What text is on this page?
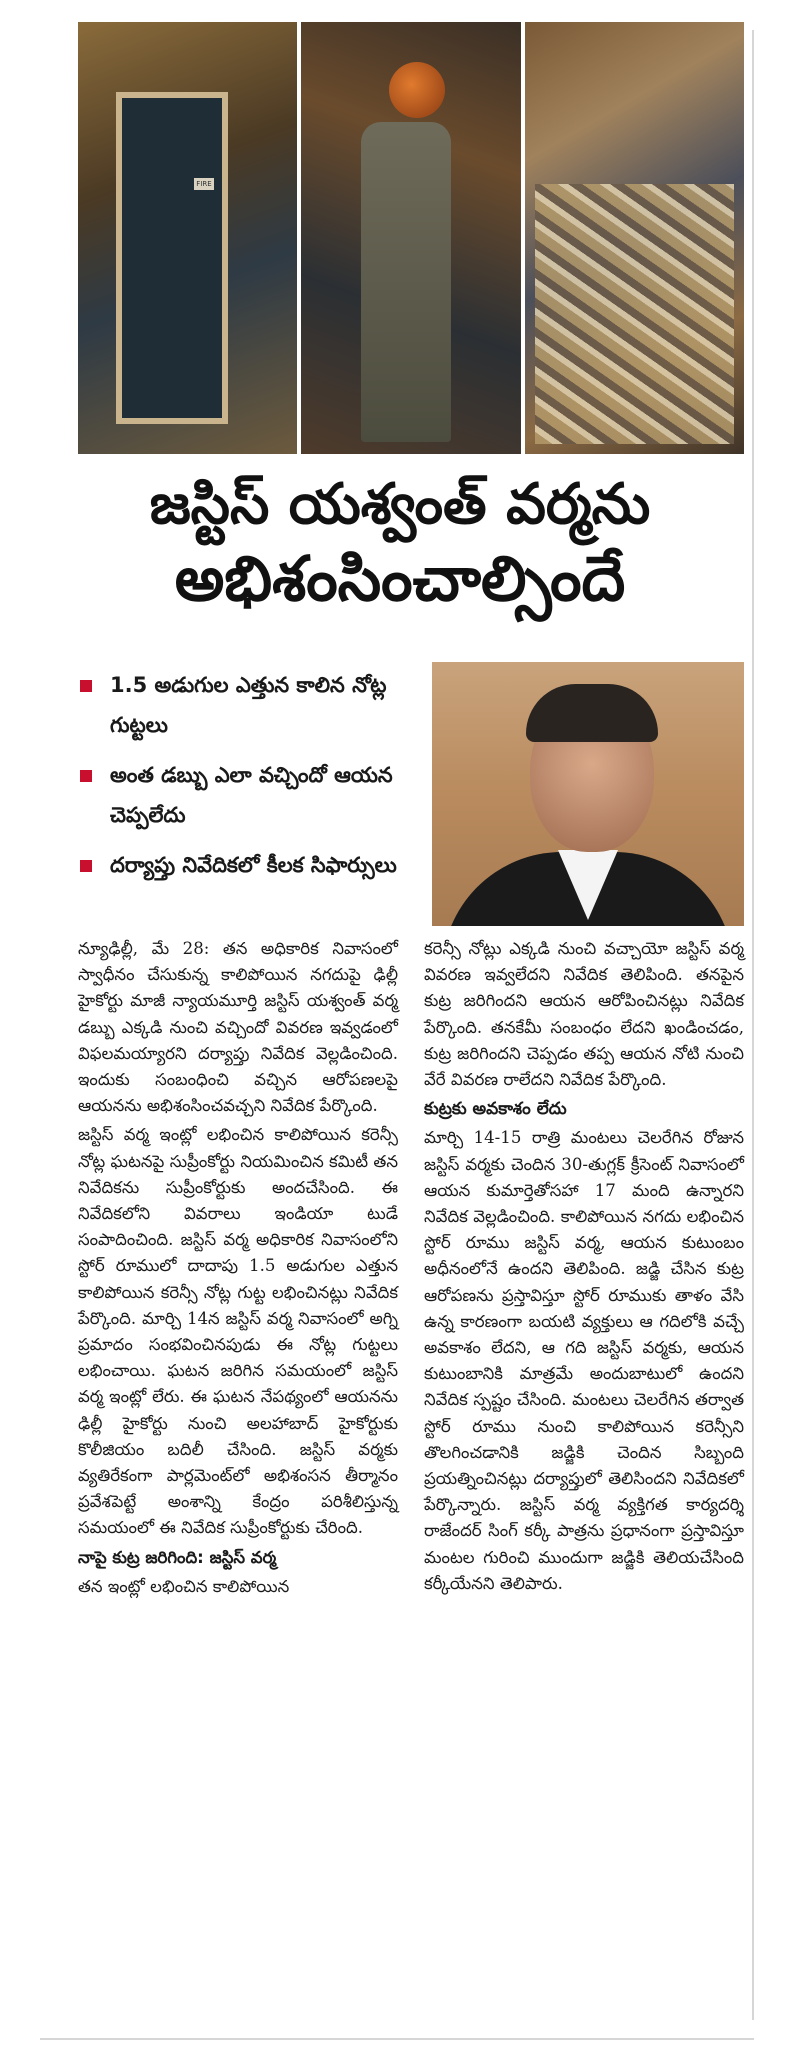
FIRE
జస్టిస్ యశ్వంత్ వర్మను
అభిశంసించాల్సిందే
1.5 అడుగుల ఎత్తున కాలిన నోట్ల గుట్టలు
అంత డబ్బు ఎలా వచ్చిందో ఆయన చెప్పలేదు
దర్యాప్తు నివేదికలో కీలక సిఫార్సులు

న్యూఢిల్లీ, మే 28: తన అధికారిక నివాసంలో స్వాధీనం చేసుకున్న కాలిపోయిన నగదుపై ఢిల్లీ హైకోర్టు మాజీ న్యాయమూర్తి జస్టిస్ యశ్వంత్ వర్మ డబ్బు ఎక్కడి నుంచి వచ్చిందో వివరణ ఇవ్వడంలో విఫలమయ్యారని దర్యాప్తు నివేదిక వెల్లడించింది. ఇందుకు సంబంధించి వచ్చిన ఆరోపణలపై ఆయనను అభిశంసించవచ్చని నివేదిక పేర్కొంది.

జస్టిస్ వర్మ ఇంట్లో లభించిన కాలిపోయిన కరెన్సీ నోట్ల ఘటనపై సుప్రీంకోర్టు నియమించిన కమిటీ తన నివేదికను సుప్రీంకోర్టుకు అందచేసింది. ఈ నివేదికలోని వివరాలు ఇండియా టుడే సంపాదించింది. జస్టిస్ వర్మ అధికారిక నివాసంలోని స్టోర్ రూములో దాదాపు 1.5 అడుగుల ఎత్తున కాలిపోయిన కరెన్సీ నోట్ల గుట్ట లభించినట్లు నివేదిక పేర్కొంది. మార్చి 14న జస్టిస్ వర్మ నివాసంలో అగ్ని ప్రమాదం సంభవించినపుడు ఈ నోట్ల గుట్టలు లభించాయి. ఘటన జరిగిన సమయంలో జస్టిస్ వర్మ ఇంట్లో లేరు. ఈ ఘటన నేపథ్యంలో ఆయనను ఢిల్లీ హైకోర్టు నుంచి అలహాబాద్ హైకోర్టుకు కొలీజియం బదిలీ చేసింది. జస్టిస్ వర్మకు వ్యతిరేకంగా పార్లమెంట్‌లో అభిశంసన తీర్మానం ప్రవేశపెట్టే అంశాన్ని కేంద్రం పరిశీలిస్తున్న సమయంలో ఈ నివేదిక సుప్రీంకోర్టుకు చేరింది.

నాపై కుట్ర జరిగింది: జస్టిస్ వర్మ

తన ఇంట్లో లభించిన కాలిపోయిన

కరెన్సీ నోట్లు ఎక్కడి నుంచి వచ్చాయో జస్టిస్ వర్మ వివరణ ఇవ్వలేదని నివేదిక తెలిపింది. తనపైన కుట్ర జరిగిందని ఆయన ఆరోపించినట్లు నివేదిక పేర్కొంది. తనకేమీ సంబంధం లేదని ఖండించడం, కుట్ర జరిగిందని చెప్పడం తప్ప ఆయన నోటి నుంచి వేరే వివరణ రాలేదని నివేదిక పేర్కొంది.

కుట్రకు అవకాశం లేదు

మార్చి 14-15 రాత్రి మంటలు చెలరేగిన రోజున జస్టిస్ వర్మకు చెందిన 30-తుగ్లక్ క్రీసెంట్ నివాసంలో ఆయన కుమార్తెతోసహా 17 మంది ఉన్నారని నివేదిక వెల్లడించింది. కాలిపోయిన నగదు లభించిన స్టోర్ రూము జస్టిస్ వర్మ, ఆయన కుటుంబం అధీనంలోనే ఉందని తెలిపింది. జడ్జి చేసిన కుట్ర ఆరోపణను ప్రస్తావిస్తూ స్టోర్ రూముకు తాళం వేసి ఉన్న కారణంగా బయటి వ్యక్తులు ఆ గదిలోకి వచ్చే అవకాశం లేదని, ఆ గది జస్టిస్ వర్మకు, ఆయన కుటుంబానికి మాత్రమే అందుబాటులో ఉందని నివేదిక స్పష్టం చేసింది. మంటలు చెలరేగిన తర్వాత స్టోర్ రూము నుంచి కాలిపోయిన కరెన్సీని తొలగించడానికి జడ్జికి చెందిన సిబ్బంది ప్రయత్నించినట్లు దర్యాప్తులో తెలిసిందని నివేదికలో పేర్కొన్నారు. జస్టిస్ వర్మ వ్యక్తిగత కార్యదర్శి రాజేందర్ సింగ్ కర్కీ పాత్రను ప్రధానంగా ప్రస్తావిస్తూ మంటల గురించి ముందుగా జడ్జికి తెలియచేసింది కర్కీయేనని తెలిపారు.
